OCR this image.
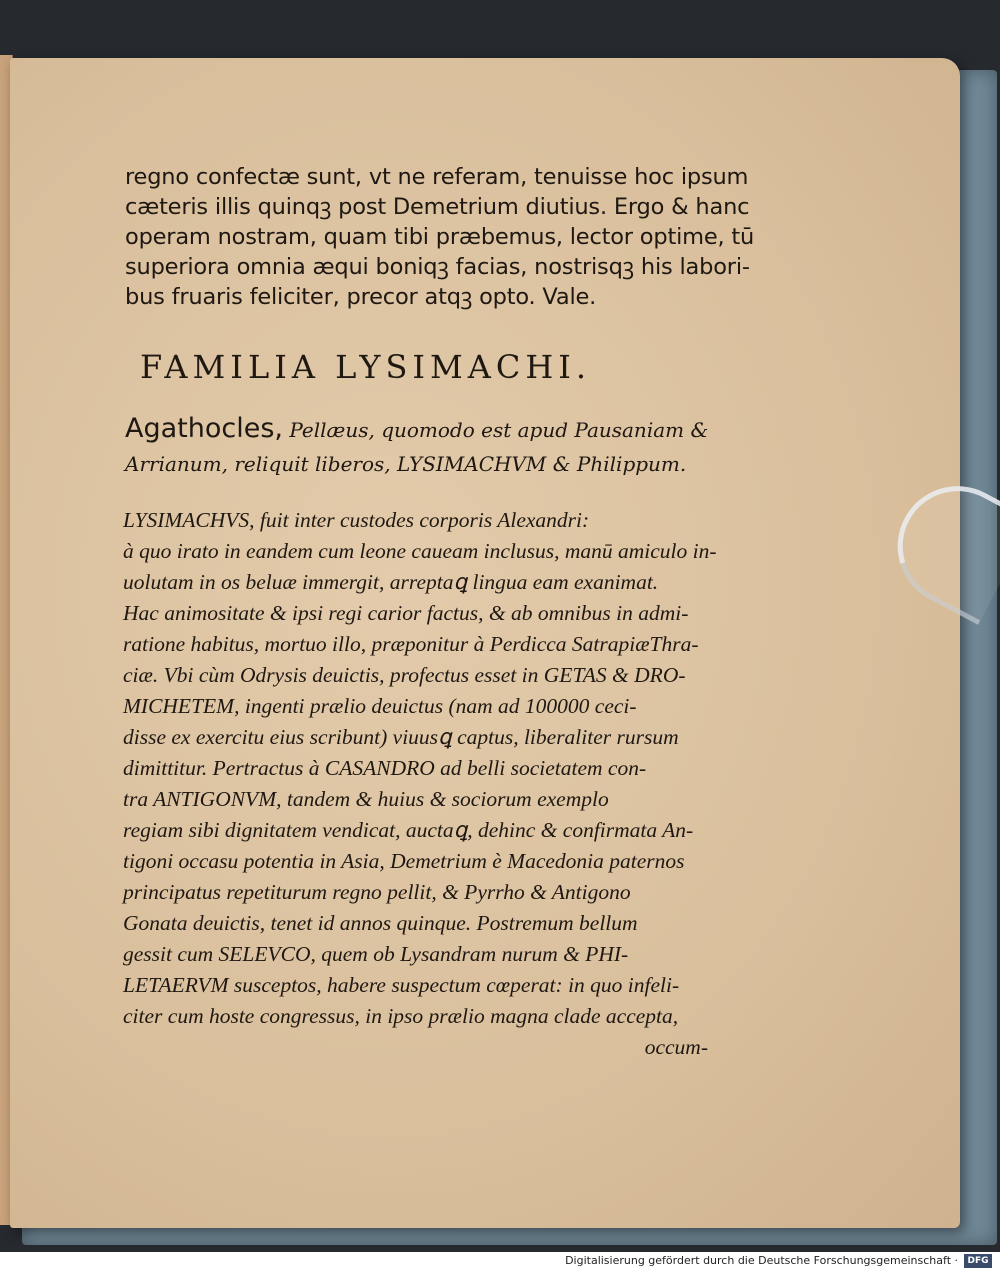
regno confectæ sunt, vt ne referam, tenuisse hoc ipsum
cæteris illis quinqꝫ post Demetrium diutius. Ergo & hanc
operam nostram, quam tibi præbemus, lector optime, tū
superiora omnia æqui boniqꝫ facias, nostrisqꝫ his labori-
bus fruaris feliciter, precor atqꝫ opto. Vale.
FAMILIA LYSIMACHI.
Agathocles, Pellæus, quomodo est apud Pausaniam &
Arrianum, reliquit liberos, LYSIMACHVM & Philippum.
LYSIMACHVS, fuit inter custodes corporis Alexandri:
à quo irato in eandem cum leone caueam inclusus, manū amiculo in-
uolutam in os beluæ immergit, arreptaꝗ lingua eam exanimat.
Hac animositate & ipsi regi carior factus, & ab omnibus in admi-
ratione habitus, mortuo illo, præponitur à Perdicca SatrapiæThra-
ciæ. Vbi cùm Odrysis deuictis, profectus esset in GETAS & DRO-
MICHETEM, ingenti prælio deuictus (nam ad 100000 ceci-
disse ex exercitu eius scribunt) viuusꝗ captus, liberaliter rursum
dimittitur. Pertractus à CASANDRO ad belli societatem con-
tra ANTIGONVM, tandem & huius & sociorum exemplo
regiam sibi dignitatem vendicat, auctaꝗ, dehinc & confirmata An-
tigoni occasu potentia in Asia, Demetrium è Macedonia paternos
principatus repetiturum regno pellit, & Pyrrho & Antigono
Gonata deuictis, tenet id annos quinque. Postremum bellum
gessit cum SELEVCO, quem ob Lysandram nurum & PHI-
LETAERVM susceptos, habere suspectum cœperat: in quo infeli-
citer cum hoste congressus, in ipso prælio magna clade accepta,
occum-
Digitalisierung gefördert durch die Deutsche Forschungsgemeinschaft ·	DFG
